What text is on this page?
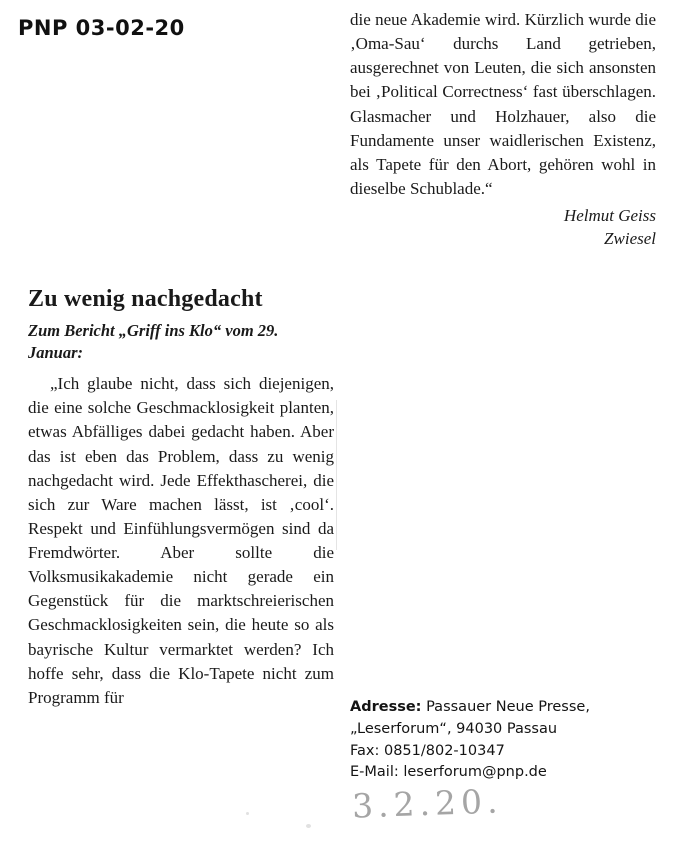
PNP 03-02-20	die neue Akademie wird. Kürzlich wurde die ‚Oma-Sau‘ durchs Land getrieben, ausgerechnet von Leuten, die sich ansonsten bei ‚Political Correctness‘ fast überschlagen. Glasmacher und Holzhauer, also die Fundamente unser waidlerischen Existenz, als Tapete für den Abort, gehören wohl in dieselbe Schublade.“

Helmut Geiss
Zwiesel

Zu wenig nachgedacht

Zum Bericht „Griff ins Klo“ vom 29. Januar:

„Ich glaube nicht, dass sich diejenigen, die eine solche Geschmacklosigkeit planten, etwas Abfälliges dabei gedacht haben. Aber das ist eben das Problem, dass zu wenig nachgedacht wird. Jede Effekthascherei, die sich zur Ware machen lässt, ist ‚cool‘. Respekt und Einfühlungsvermögen sind da Fremdwörter. Aber sollte die Volksmusikakademie nicht gerade ein Gegenstück für die marktschreierischen Geschmacklosigkeiten sein, die heute so als bayrische Kultur vermarktet werden? Ich hoffe sehr, dass die Klo-Tapete nicht zum Programm für

Adresse: Passauer Neue Presse,
„Leserforum“, 94030 Passau
Fax: 0851/802-10347
E-Mail: leserforum@pnp.de
3.2.20.
